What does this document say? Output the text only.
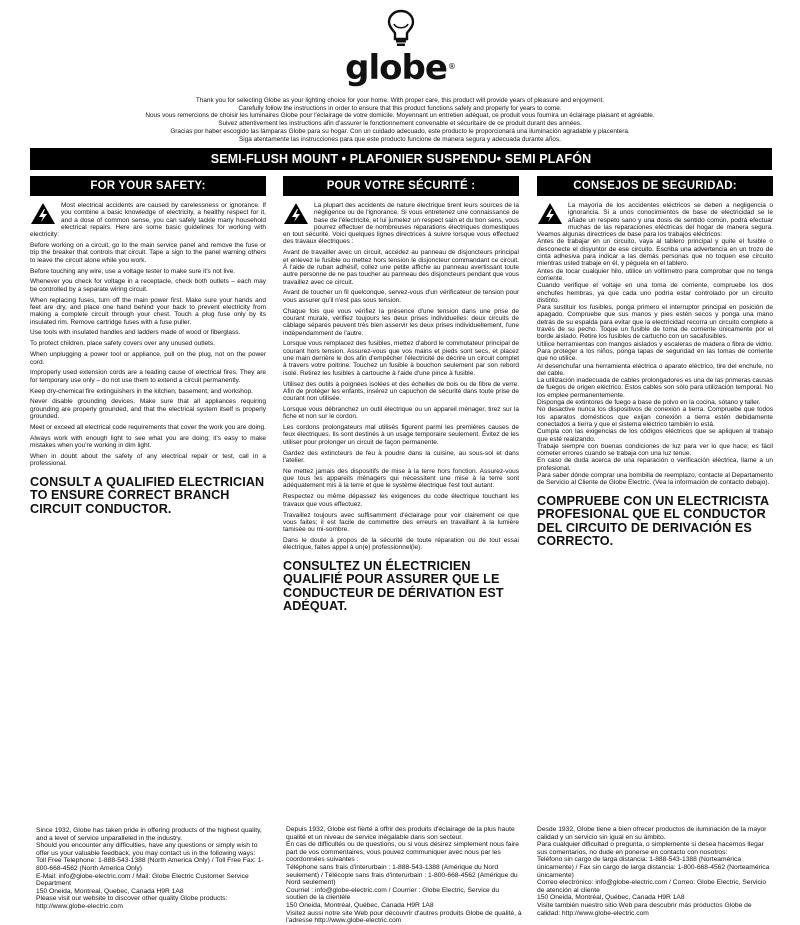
globe®
Thank you for selecting Globe as your lighting choice for your home. With proper care, this product will provide years of pleasure and enjoyment.
Carefully follow the instructions in order to ensure that this product functions safely and properly for years to come.
Nous vous remercions de choisir les luminaires Globe pour l'éclairage de votre domicile. Moyennant un entretien adéquat, ce produit vous fournira un éclairage plaisant et agréable.
Suivez attentivement les instructions afin d'assurer le fonctionnement convenable et sécuritaire de ce produit durant des années.
Gracias por haber escogido las lámparas Globe para su hogar. Con un cuidado adecuado, este producto le proporcionará una iluminación agradable y placentera.
Siga atentamente las instrucciones para que este producto funcione de manera segura y adecuada durante años.
SEMI-FLUSH MOUNT • PLAFONIER SUSPENDU• SEMI PLAFÓN
FOR YOUR SAFETY:
Most electrical accidents are caused by carelessness or ignorance. If you combine a basic knowledge of electricity, a healthy respect for it, and a dose of common sense, you can safely tackle many household electrical repairs. Here are some basic guidelines for working with electricity:
Before working on a circuit, go to the main service panel and remove the fuse or trip the breaker that controls that circuit. Tape a sign to the panel warning others to leave the circuit alone while you work.
Before touching any wire, use a voltage tester to make sure it's not live.
Whenever you check for voltage in a receptacle, check both outlets – each may be controlled by a separate wiring circuit.
When replacing fuses, turn off the main power first. Make sure your hands and feet are dry, and place one hand behind your back to prevent electricity from making a complete circuit through your chest. Touch a plug fuse only by its insulated rim. Remove cartridge fuses with a fuse puller.
Use tools with insulated handles and ladders made of wood or fiberglass.
To protect children, place safety covers over any unused outlets.
When unplugging a power tool or appliance, pull on the plug, not on the power cord.
Improperly used extension cords are a leading cause of electrical fires. They are for temporary use only – do not use them to extend a circuit permanently.
Keep dry-chemical fire extinguishers in the kitchen, basement, and workshop.
Never disable grounding devices. Make sure that all appliances requiring grounding are properly grounded, and that the electrical system itself is properly grounded.
Meet or exceed all electrical code requirements that cover the work you are doing.
Always work with enough light to see what you are doing; it's easy to make mistakes when you're working in dim light.
When in doubt about the safety of any electrical repair or test, call in a professional.
CONSULT A QUALIFIED ELECTRICIAN TO ENSURE CORRECT BRANCH CIRCUIT CONDUCTOR.
POUR VOTRE SÉCURITÉ :
La plupart des accidents de nature électrique tirent leurs sources de la négligence ou de l'ignorance. Si vous entretenez une connaissance de base de l'électricité, et lui jumelez un respect sain et du bon sens, vous pourrez effectuer de nombreuses réparations électriques domestiques en tout sécurité. Voici quelques lignes directrices à suivre lorsque vous effectuez des travaux électriques :
Avant de travailler avec un circuit, accédez au panneau de disjoncteurs principal et enlevez le fusible ou mettez hors tension le disjoncteur commandant ce circuit. À l'aide de ruban adhésif, collez une petite affiche au panneau avertissant toute autre personne de ne pas toucher au panneau des disjoncteurs pendant que vous travaillez avec ce circuit.
Avant de toucher un fil quelconque, servez-vous d'un vérificateur de tension pour vous assurer qu'il n'est pas sous tension.
Chaque fois que vous vérifiez la présence d'une tension dans une prise de courant murale, vérifiez toujours les deux prises individuelles: deux circuits de câblage séparés peuvent très bien asservir les deux prises individuellement, l'une indépendamment de l'autre.
Lorsque vous remplacez des fusibles, mettez d'abord le commutateur principal de courant hors tension. Assurez-vous que vos mains et pieds sont secs, et placez une main derrière le dos afin d'empêcher l'électricité de décrire un circuit complet à travers votre poitrine. Touchez un fusible à bouchon seulement par son rebord isolé. Retirez les fusibles à cartouche à l'aide d'une pince à fusible.
Utilisez des outils à poignées isolées et des échelles de bois ou de fibre de verre. Afin de protéger les enfants, insérez un capuchon de sécurité dans toute prise de courant non utilisée.
Lorsque vous débranchez un outil électrique ou un appareil ménager, tirez sur la fiche et non sur le cordon.
Les cordons prolongateurs mal utilisés figurent parmi les premières causes de feux électriques. Ils sont destinés à un usage temporaire seulement. Évitez de les utiliser pour prolonger un circuit de façon permanente.
Gardez des extincteurs de feu à poudre dans la cuisine, au sous-sol et dans l'atelier.
Ne mettez jamais des dispositifs de mise à la terre hors fonction. Assurez-vous que tous les appareils ménagers qui nécessitent une mise à la terre sont adéquatement mis à la terre et que le système électrique l'est tout autant.
Respectez ou même dépassez les exigences du code électrique touchant les travaux que vous effectuez.
Travaillez toujours avec suffisamment d'éclairage pour voir clairement ce que vous faites; il est facile de commettre des erreurs en travaillant à la lumière tamisée ou mi-sombre.
Dans le doute à propos de la sécurité de toute réparation ou de tout essai électrique, faites appel à un(e) professionnel(le).
CONSULTEZ UN ÉLECTRICIEN QUALIFIÉ POUR ASSURER QUE LE CONDUCTEUR DE DÉRIVATION EST ADÉQUAT.
CONSEJOS DE SEGURIDAD:
La mayoría de los accidentes eléctricos se deben a negligencia o ignorancia. Si a unos conocimientos de base de electricidad se le añade un respeto sano y una dosis de sentido común, podrá efectuar muchas de las reparaciones eléctricas del hogar de manera segura. Veamos algunas directrices de base para los trabajos eléctricos:
Antes de trabajar en un circuito, vaya al tablero principal y quite el fusible o desconecte el disyuntor de ese circuito. Escriba una advertencia en un trozo de cinta adhesiva para indicar a las demás personas que no toquen ese circuito mientras usted trabaje en él, y péguela en el tablero.
Antes de tocar cualquier hilo, utilice un voltímetro para comprobar que no tenga corriente.
Cuando verifique el voltaje en una toma de corriente, compruebe los dos enchufes hembras, ya que cada uno podría estar controlado por un circuito distinto.
Para sustituir los fusibles, ponga primero el interruptor principal en posición de apagado. Compruebe que sus manos y pies estén secos y ponga una mano detrás de su espalda para evitar que la electricidad recorra un circuito completo a través de su pecho. Toque un fusible de toma de corriente únicamente por el borde aislado. Retire los fusibles de cartucho con un sacafusibles.
Utilice herramientas con mangos aislados y escaleras de madera o fibra de vidrio.
Para proteger a los niños, ponga tapas de seguridad en las tomas de corriente que no utilice.
Al desenchufar una herramienta eléctrica o aparato eléctrico, tire del enchufe, no del cable.
La utilización inadecuada de cables prolongadores es una de las primeras causas de fuegos de origen eléctrico. Estos cables son sólo para utilización temporal. No los emplee permanentemente.
Disponga de extintores de fuego a base de polvo en la cocina, sótano y taller.
No desactive nunca los dispositivos de conexión a tierra. Compruebe que todos los aparatos domésticos que exijan conexión a tierra estén debidamente conectados a tierra y que el sistema eléctrico también lo está.
Cumpla con las exigencias de los códigos eléctricos que se apliquen al trabajo que esté realizando.
Trabaje siempre con buenas condiciones de luz para ver lo que hace; es fácil cometer errores cuando se trabaja con una luz tenue.
En caso de duda acerca de una reparación o verificación eléctrica, llame a un profesional.
Para saber dónde comprar una bombilla de reemplazo, contacte al Departamento de Servicio al Cliente de Globe Electric. (Vea la información de contacto debajo).
COMPRUEBE CON UN ELECTRICISTA PROFESIONAL QUE EL CONDUCTOR DEL CIRCUITO DE DERIVACIÓN ES CORRECTO.
Since 1932, Globe has taken pride in offering products of the highest quality, and a level of service unparalleled in the industry.
Should you encounter any difficulties, have any questions or simply wish to offer us your valuable feedback, you may contact us in the following ways:
Toll Free Telephone: 1-888-543-1388 (North America Only) / Toll Free Fax: 1-800-668-4562 (North America Only)
E-Mail: info@globe-electric.com / Mail: Globe Electric Customer Service Department
150 Oneida, Montreal, Quebec, Canada H9R 1A8
Please visit our website to discover other quality Globe products: http://www.globe-electric.com
Depuis 1932, Globe est fièrté à offrir des produits d'éclairage de la plus haute qualité et un niveau de service inégalable dans son secteur.
En cas de difficultés ou de questions, ou si vous désirez simplement nous faire part de vos commentaires, vous pouvez communiquer avec nous par les coordonnées suivantes :
Téléphone sans frais d'interurbain : 1-888-543-1388 (Amérique du Nord seulement) / Télécopie sans frais d'interurbain : 1-800-668-4562 (Amérique du Nord seulement)
Courriel : info@globe-electric.com / Courrier : Globe Electric, Service du soutien de la clientèle
150 Oneida, Montréal, Québec, Canada H9R 1A8
Visitez aussi notre site Web pour découvrir d'autres produits Globe de qualité, à l'adresse http://www.globe-electric.com
Desde 1932, Globe tiene a bien ofrecer productos de iluminación de la mayor calidad y un servicio sin igual en su ámbito.
Para cualquier dificultad o pregunta, o simplemente si desea hacernos llegar sus comentarios, no dude en ponerse en contacto con nosotros:
Teléfono sin cargo de larga distancia: 1-888-543-1388 (Norteamérica únicamente) / Fax sin cargo de larga distancia: 1-800-668-4562 (Norteamérica únicamente)
Correo electrónico: info@globe-electric.com / Correo: Globe Electric, Servicio de atención al cliente
150 Oneida, Montréal, Québec, Canada H9R 1A8
Visite también nuestro sitio Web para descubrir más productos Globe de calidad: http://www.globe-electric.com
